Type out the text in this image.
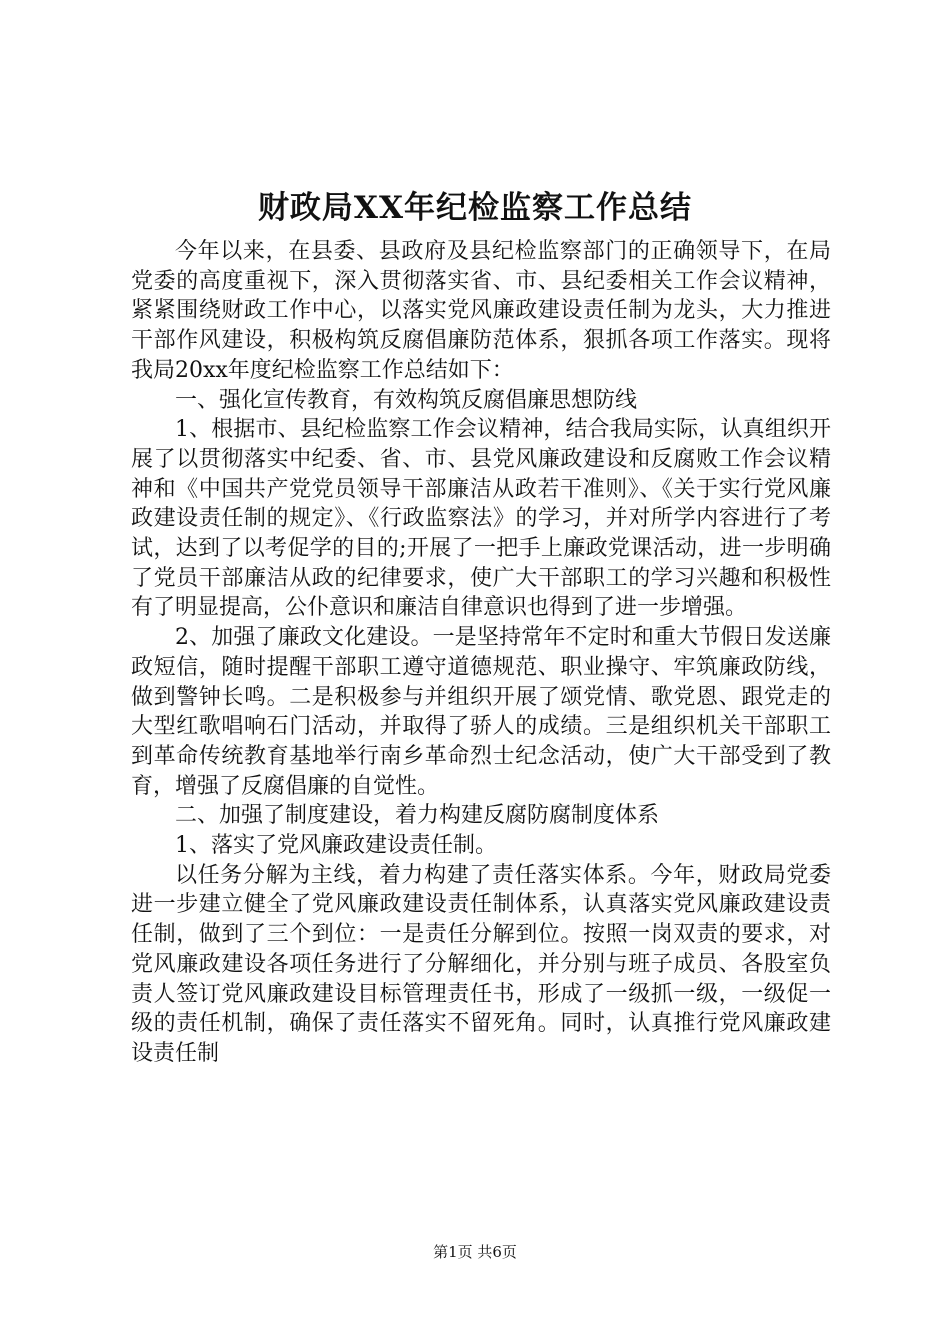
财政局XX年纪检监察工作总结

今年以来，在县委、县政府及县纪检监察部门的正确领导下，在局党委的高度重视下，深入贯彻落实省、市、县纪委相关工作会议精神，紧紧围绕财政工作中心，以落实党风廉政建设责任制为龙头，大力推进干部作风建设，积极构筑反腐倡廉防范体系，狠抓各项工作落实。现将我局20xx年度纪检监察工作总结如下：

一、强化宣传教育，有效构筑反腐倡廉思想防线

1、根据市、县纪检监察工作会议精神，结合我局实际，认真组织开展了以贯彻落实中纪委、省、市、县党风廉政建设和反腐败工作会议精神和《中国共产党党员领导干部廉洁从政若干准则》、《关于实行党风廉政建设责任制的规定》、《行政监察法》的学习，并对所学内容进行了考试，达到了以考促学的目的;开展了一把手上廉政党课活动，进一步明确了党员干部廉洁从政的纪律要求，使广大干部职工的学习兴趣和积极性有了明显提高，公仆意识和廉洁自律意识也得到了进一步增强。

2、加强了廉政文化建设。一是坚持常年不定时和重大节假日发送廉政短信，随时提醒干部职工遵守道德规范、职业操守、牢筑廉政防线，做到警钟长鸣。二是积极参与并组织开展了颂党情、歌党恩、跟党走的大型红歌唱响石门活动，并取得了骄人的成绩。三是组织机关干部职工到革命传统教育基地举行南乡革命烈士纪念活动，使广大干部受到了教育，增强了反腐倡廉的自觉性。

二、加强了制度建设，着力构建反腐防腐制度体系

1、落实了党风廉政建设责任制。

以任务分解为主线，着力构建了责任落实体系。今年，财政局党委进一步建立健全了党风廉政建设责任制体系，认真落实党风廉政建设责任制，做到了三个到位：一是责任分解到位。按照一岗双责的要求，对党风廉政建设各项任务进行了分解细化，并分别与班子成员、各股室负责人签订党风廉政建设目标管理责任书，形成了一级抓一级，一级促一级的责任机制，确保了责任落实不留死角。同时，认真推行党风廉政建设责任制

第1页 共6页
